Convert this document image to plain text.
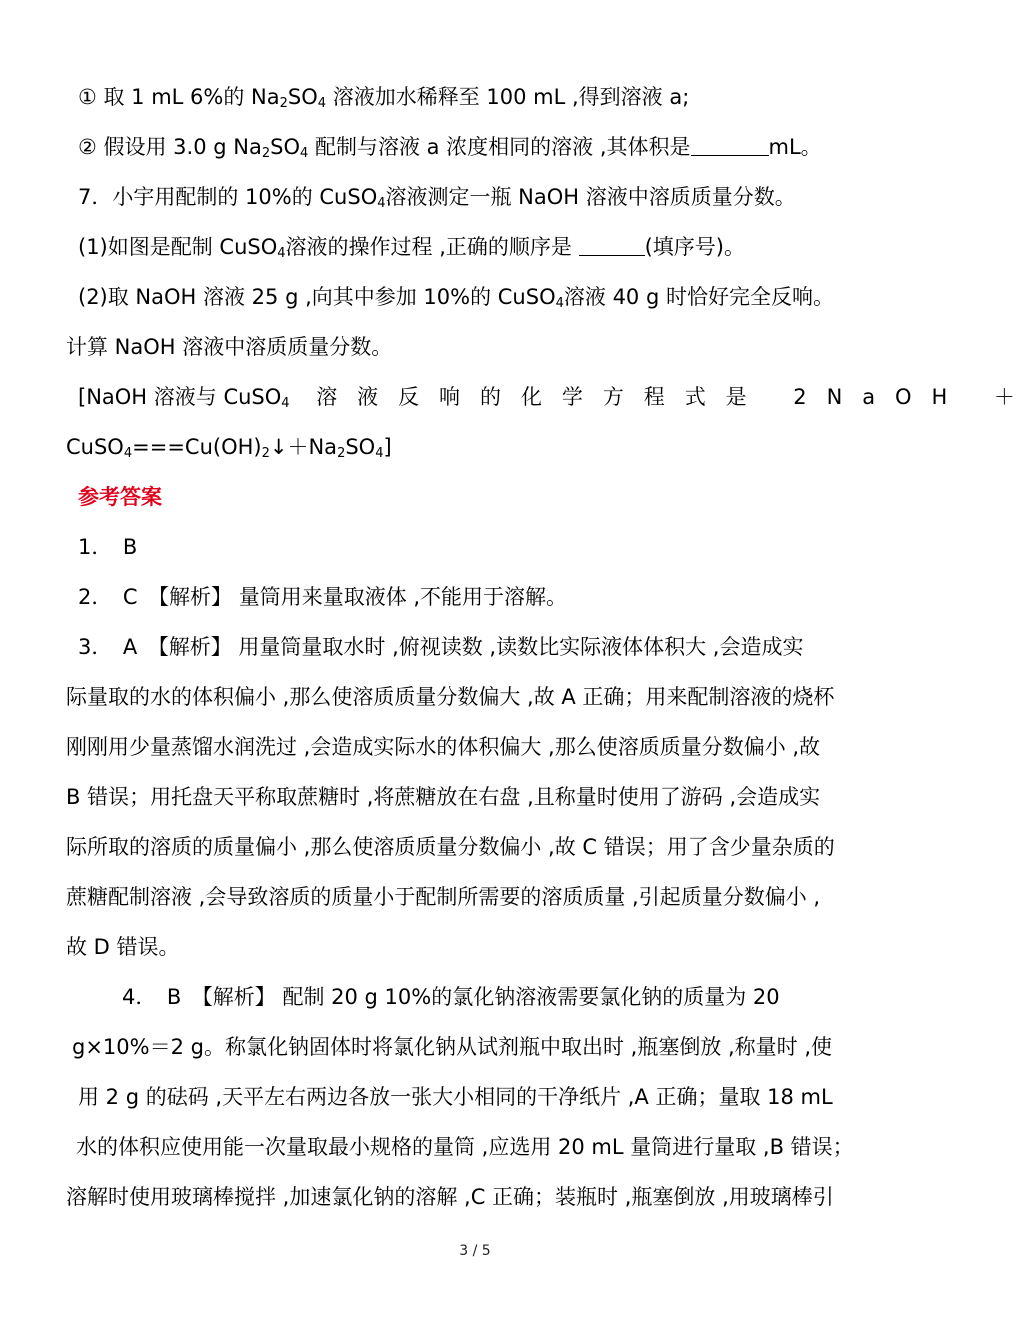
① 取 1 mL 6%的 $Na_2SO_4$ 溶液加水稀释至 100 mL ,得到溶液 a;
② 假设用 3.0 g $Na_2SO_4$ 配制与溶液 a 浓度相同的溶液 ,其体积是	mL。
7．小宇用配制的 10%的 CuSO$_4$溶液测定一瓶 NaOH 溶液中溶质质量分数。
(1)如图是配制 CuSO$_4$溶液的操作过程 ,正确的顺序是	(填序号)。
(2)取 NaOH 溶液 25 g ,向其中参加 10%的 CuSO$_4$溶液 40 g 时恰好完全反响。
计算 NaOH 溶液中溶质质量分数。
[NaOH 溶液与 CuSO$_4$ 溶液反响的化学方程式是 2NaOH ＋
$CuSO_4===Cu(OH)_2↓+Na_2SO_4$]
参考答案
1．　B
2．　C　【解析】 量筒用来量取液体 ,不能用于溶解。
3．　A　【解析】 用量筒量取水时 ,俯视读数 ,读数比实际液体体积大 ,会造成实
际量取的水的体积偏小 ,那么使溶质质量分数偏大 ,故 A 正确；用来配制溶液的烧杯
刚刚用少量蒸馏水润洗过 ,会造成实际水的体积偏大 ,那么使溶质质量分数偏小 ,故
B 错误；用托盘天平称取蔗糖时 ,将蔗糖放在右盘 ,且称量时使用了游码 ,会造成实
际所取的溶质的质量偏小 ,那么使溶质质量分数偏小 ,故 C 错误；用了含少量杂质的
蔗糖配制溶液 ,会导致溶质的质量小于配制所需要的溶质质量 ,引起质量分数偏小 ,
故 D 错误。
4．　B　【解析】 配制 20 g 10%的氯化钠溶液需要氯化钠的质量为 20
g×10%＝2 g。称氯化钠固体时将氯化钠从试剂瓶中取出时 ,瓶塞倒放 ,称量时 ,使
用 2 g 的砝码 ,天平左右两边各放一张大小相同的干净纸片 ,A 正确；量取 18 mL
水的体积应使用能一次量取最小规格的量筒 ,应选用 20 mL 量筒进行量取 ,B 错误；
溶解时使用玻璃棒搅拌 ,加速氯化钠的溶解 ,C 正确；装瓶时 ,瓶塞倒放 ,用玻璃棒引
3 / 5
